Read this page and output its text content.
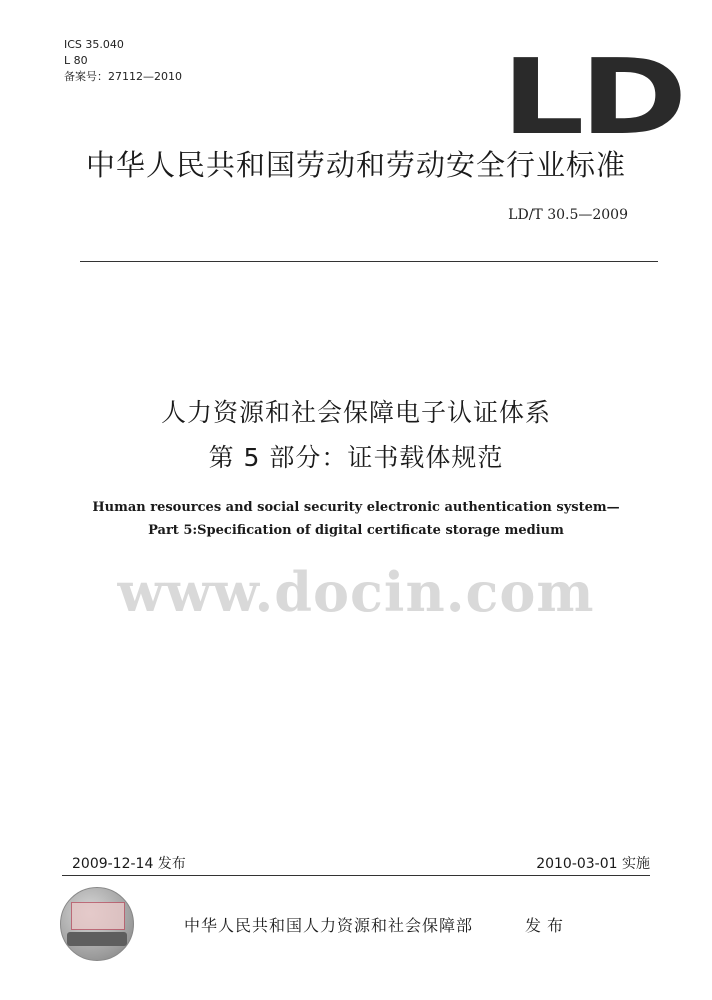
ICS 35.040
L 80
备案号：27112—2010	LD
中华人民共和国劳动和劳动安全行业标准
LD/T 30.5—2009
人力资源和社会保障电子认证体系
第 5 部分：证书载体规范
Human resources and social security electronic authentication system—
Part 5:Specification of digital certificate storage medium
www.docin.com
2009-12-14 发布	2010-03-01 实施
中华人民共和国人力资源和社会保障部	发布
